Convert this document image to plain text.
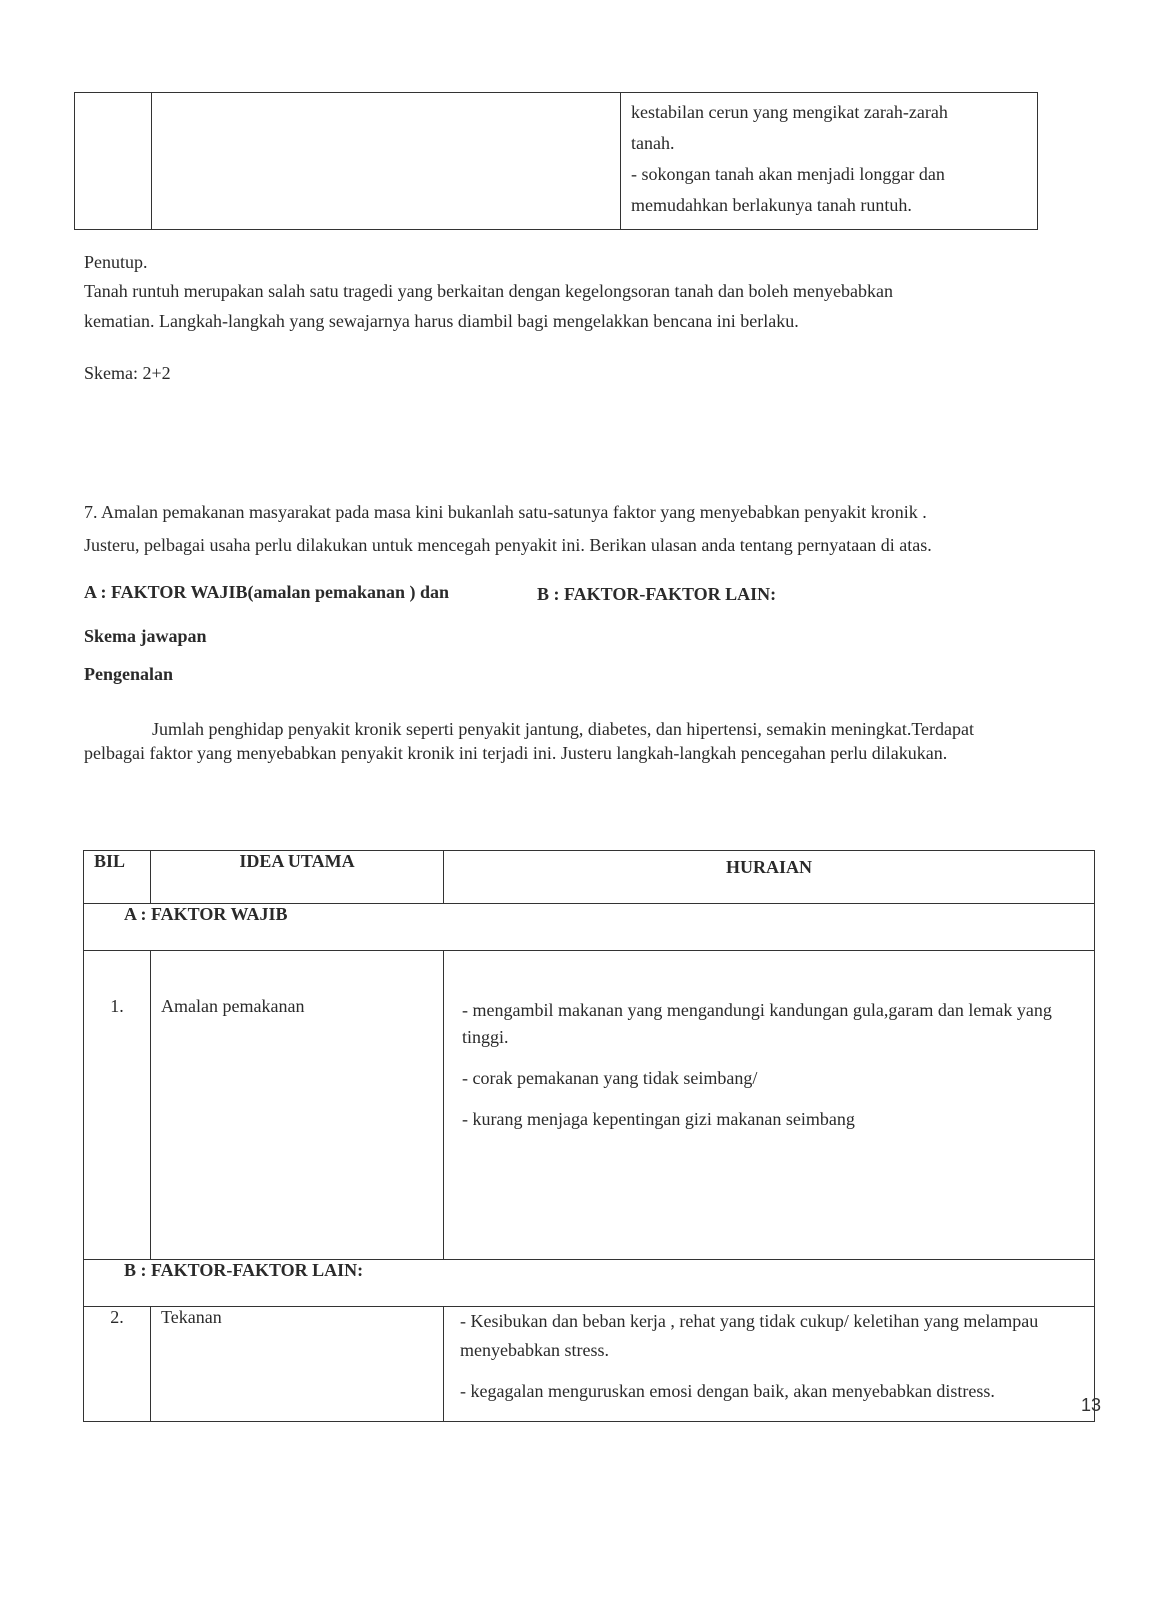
kestabilan cerun yang mengikat zarah-zarah
tanah.
- sokongan tanah akan menjadi longgar dan
memudahkan berlakunya tanah runtuh.
Penutup.
Tanah runtuh merupakan salah satu tragedi yang berkaitan dengan kegelongsoran tanah dan boleh menyebabkan
kematian. Langkah-langkah yang sewajarnya harus diambil bagi mengelakkan bencana ini berlaku.
Skema: 2+2
7. Amalan pemakanan masyarakat pada masa kini bukanlah satu-satunya faktor yang menyebabkan penyakit kronik .
Justeru, pelbagai usaha perlu dilakukan untuk mencegah penyakit ini. Berikan ulasan anda tentang pernyataan di atas.
A : FAKTOR WAJIB(amalan pemakanan ) dan	B : FAKTOR-FAKTOR LAIN:
Skema jawapan
Pengenalan
Jumlah penghidap penyakit kronik seperti penyakit jantung, diabetes, dan hipertensi, semakin meningkat.Terdapat
pelbagai faktor yang menyebabkan penyakit kronik ini terjadi ini. Justeru langkah-langkah pencegahan perlu dilakukan.
BIL	IDEA UTAMA	HURAIAN

A : FAKTOR WAJIB		

1.	Amalan pemakanan	- mengambil makanan yang mengandungi kandungan gula,garam dan lemak yang tinggi.

- corak pemakanan yang tidak seimbang/

- kurang menjaga kepentingan gizi makanan seimbang

B : FAKTOR-FAKTOR LAIN:		

2.	Tekanan	- Kesibukan dan beban kerja , rehat yang tidak cukup/ keletihan yang melampau menyebabkan stress.

- kegagalan menguruskan emosi dengan baik, akan menyebabkan distress.

13
